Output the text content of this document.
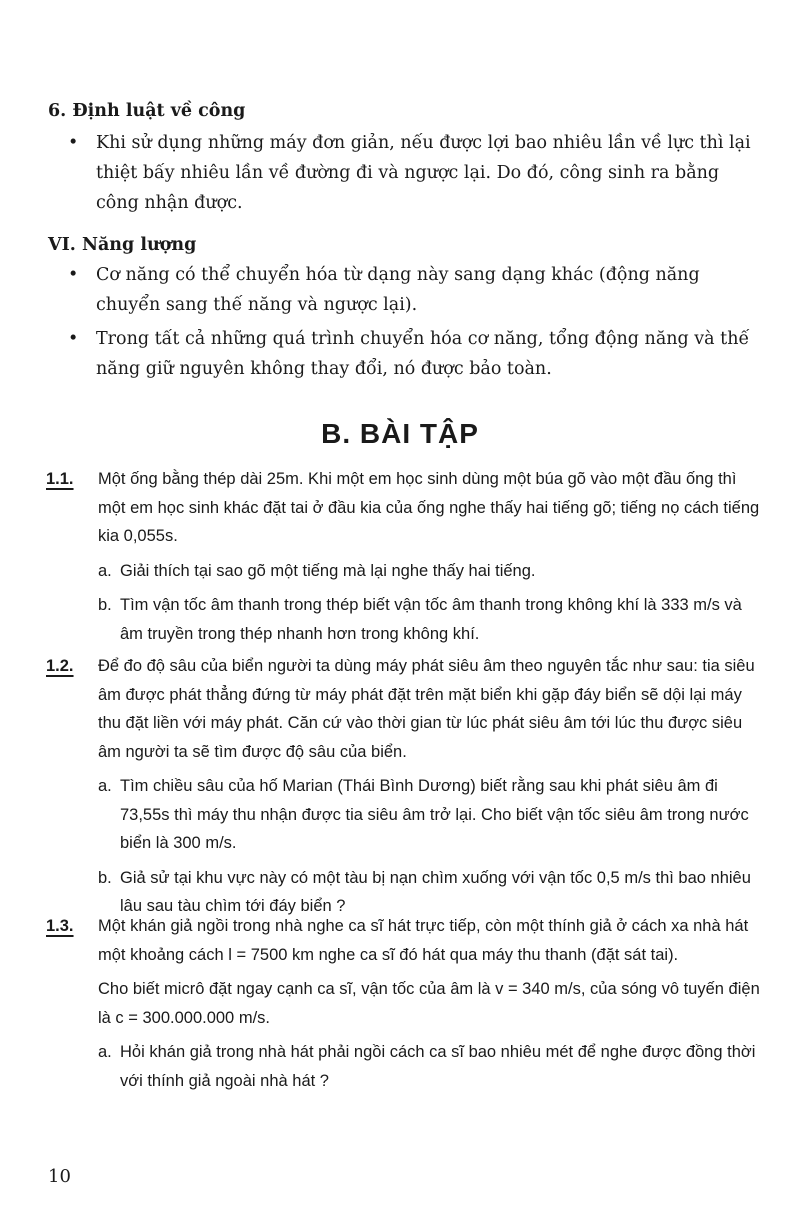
6. Định luật về công

• Khi sử dụng những máy đơn giản, nếu được lợi bao nhiêu lần về lực thì lại thiệt bấy nhiêu lần về đường đi và ngược lại. Do đó, công sinh ra bằng công nhận được.

VI. Năng lượng

• Cơ năng có thể chuyển hóa từ dạng này sang dạng khác (động năng chuyển sang thế năng và ngược lại).

• Trong tất cả những quá trình chuyển hóa cơ năng, tổng động năng và thế năng giữ nguyên không thay đổi, nó được bảo toàn.

B. BÀI TẬP
1.1. Một ống bằng thép dài 25m. Khi một em học sinh dùng một búa gõ vào một đầu ống thì một em học sinh khác đặt tai ở đầu kia của ống nghe thấy hai tiếng gõ; tiếng nọ cách tiếng kia 0,055s.

a. Giải thích tại sao gõ một tiếng mà lại nghe thấy hai tiếng.
b. Tìm vận tốc âm thanh trong thép biết vận tốc âm thanh trong không khí là 333 m/s và âm truyền trong thép nhanh hơn trong không khí.
1.2. Để đo độ sâu của biển người ta dùng máy phát siêu âm theo nguyên tắc như sau: tia siêu âm được phát thẳng đứng từ máy phát đặt trên mặt biển khi gặp đáy biển sẽ dội lại máy thu đặt liền với máy phát. Căn cứ vào thời gian từ lúc phát siêu âm tới lúc thu được siêu âm người ta sẽ tìm được độ sâu của biển.

a. Tìm chiều sâu của hố Marian (Thái Bình Dương) biết rằng sau khi phát siêu âm đi 73,55s thì máy thu nhận được tia siêu âm trở lại. Cho biết vận tốc siêu âm trong nước biển là 300 m/s.
b. Giả sử tại khu vực này có một tàu bị nạn chìm xuống với vận tốc 0,5 m/s thì bao nhiêu lâu sau tàu chìm tới đáy biển ?
1.3. Một khán giả ngồi trong nhà nghe ca sĩ hát trực tiếp, còn một thính giả ở cách xa nhà hát một khoảng cách l = 7500 km nghe ca sĩ đó hát qua máy thu thanh (đặt sát tai).

Cho biết micrô đặt ngay cạnh ca sĩ, vận tốc của âm là v = 340 m/s, của sóng vô tuyến điện là c = 300.000.000 m/s.

a. Hỏi khán giả trong nhà hát phải ngồi cách ca sĩ bao nhiêu mét để nghe được đồng thời với thính giả ngoài nhà hát ?
10
